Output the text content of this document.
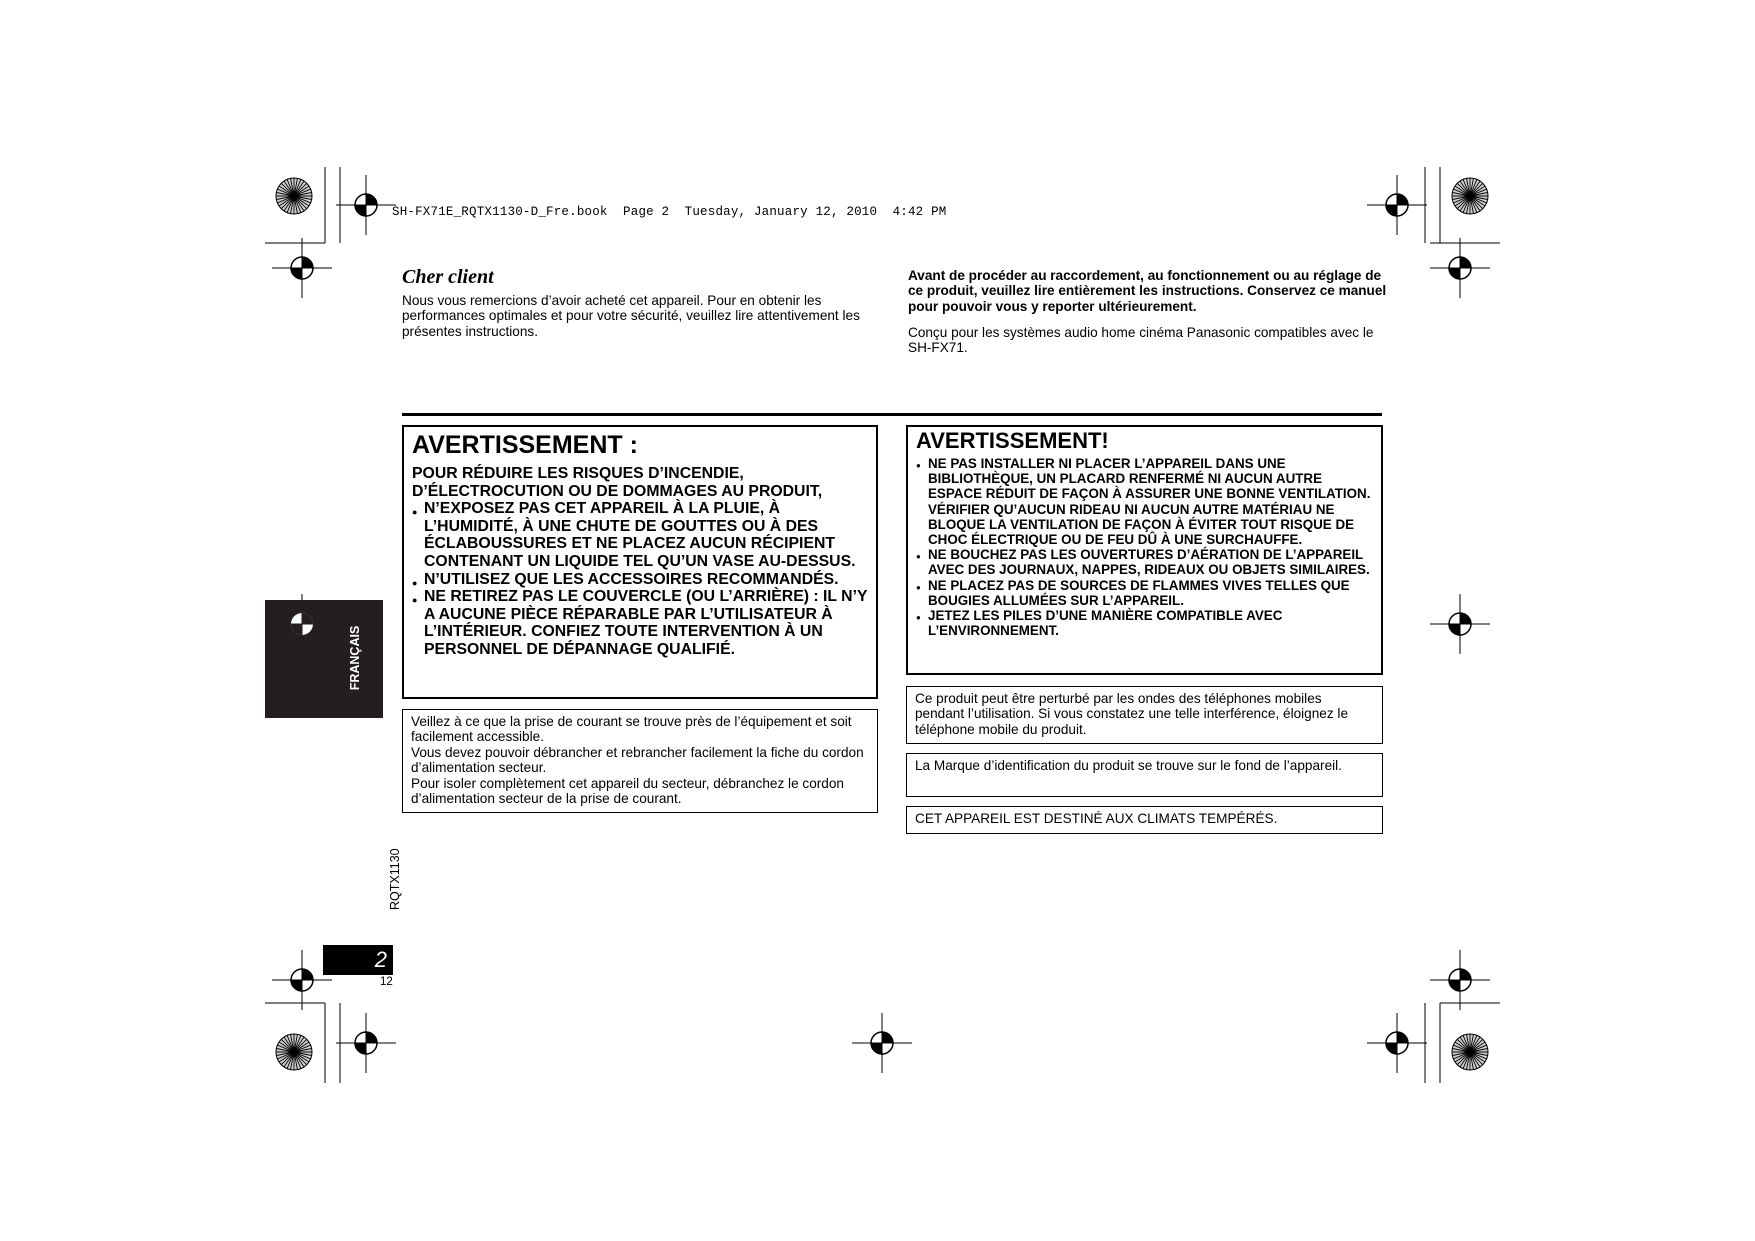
SH-FX71E_RQTX1130-D_Fre.book  Page 2  Tuesday, January 12, 2010  4:42 PM
Cher client
Nous vous remercions d’avoir acheté cet appareil. Pour en obtenir les performances optimales et pour votre sécurité, veuillez lire attentivement les présentes instructions.
Avant de procéder au raccordement, au fonctionnement ou au réglage de ce produit, veuillez lire entièrement les instructions. Conservez ce manuel pour pouvoir vous y reporter ultérieurement.
Conçu pour les systèmes audio home cinéma Panasonic compatibles avec le SH-FX71.
AVERTISSEMENT :
POUR RÉDUIRE LES RISQUES D’INCENDIE, D’ÉLECTROCUTION OU DE DOMMAGES AU PRODUIT,
● N’EXPOSEZ PAS CET APPAREIL À LA PLUIE, À L’HUMIDITÉ, À UNE CHUTE DE GOUTTES OU À DES ÉCLABOUSSURES ET NE PLACEZ AUCUN RÉCIPIENT CONTENANT UN LIQUIDE TEL QU’UN VASE AU-DESSUS.
● N’UTILISEZ QUE LES ACCESSOIRES RECOMMANDÉS.
● NE RETIREZ PAS LE COUVERCLE (OU L’ARRIÈRE) : IL N’Y A AUCUNE PIÈCE RÉPARABLE PAR L’UTILISATEUR À L’INTÉRIEUR. CONFIEZ TOUTE INTERVENTION À UN PERSONNEL DE DÉPANNAGE QUALIFIÉ.
Veillez à ce que la prise de courant se trouve près de l’équipement et soit facilement accessible.
Vous devez pouvoir débrancher et rebrancher facilement la fiche du cordon d’alimentation secteur.
Pour isoler complètement cet appareil du secteur, débranchez le cordon d’alimentation secteur de la prise de courant.
AVERTISSEMENT!
● NE PAS INSTALLER NI PLACER L’APPAREIL DANS UNE BIBLIOTHÈQUE, UN PLACARD RENFERMÉ NI AUCUN AUTRE ESPACE RÉDUIT DE FAÇON À ASSURER UNE BONNE VENTILATION. VÉRIFIER QU’AUCUN RIDEAU NI AUCUN AUTRE MATÉRIAU NE BLOQUE LA VENTILATION DE FAÇON À ÉVITER TOUT RISQUE DE CHOC ÉLECTRIQUE OU DE FEU DÛ À UNE SURCHAUFFE.
● NE BOUCHEZ PAS LES OUVERTURES D’AÉRATION DE L’APPAREIL AVEC DES JOURNAUX, NAPPES, RIDEAUX OU OBJETS SIMILAIRES.
● NE PLACEZ PAS DE SOURCES DE FLAMMES VIVES TELLES QUE BOUGIES ALLUMÉES SUR L’APPAREIL.
● JETEZ LES PILES D’UNE MANIÈRE COMPATIBLE AVEC L’ENVIRONNEMENT.
Ce produit peut être perturbé par les ondes des téléphones mobiles pendant l’utilisation. Si vous constatez une telle interférence, éloignez le téléphone mobile du produit.
La Marque d’identification du produit se trouve sur le fond de l’appareil.
CET APPAREIL EST DESTINÉ AUX CLIMATS TEMPÉRÉS.
FRANÇAIS
RQTX1130
2
12
